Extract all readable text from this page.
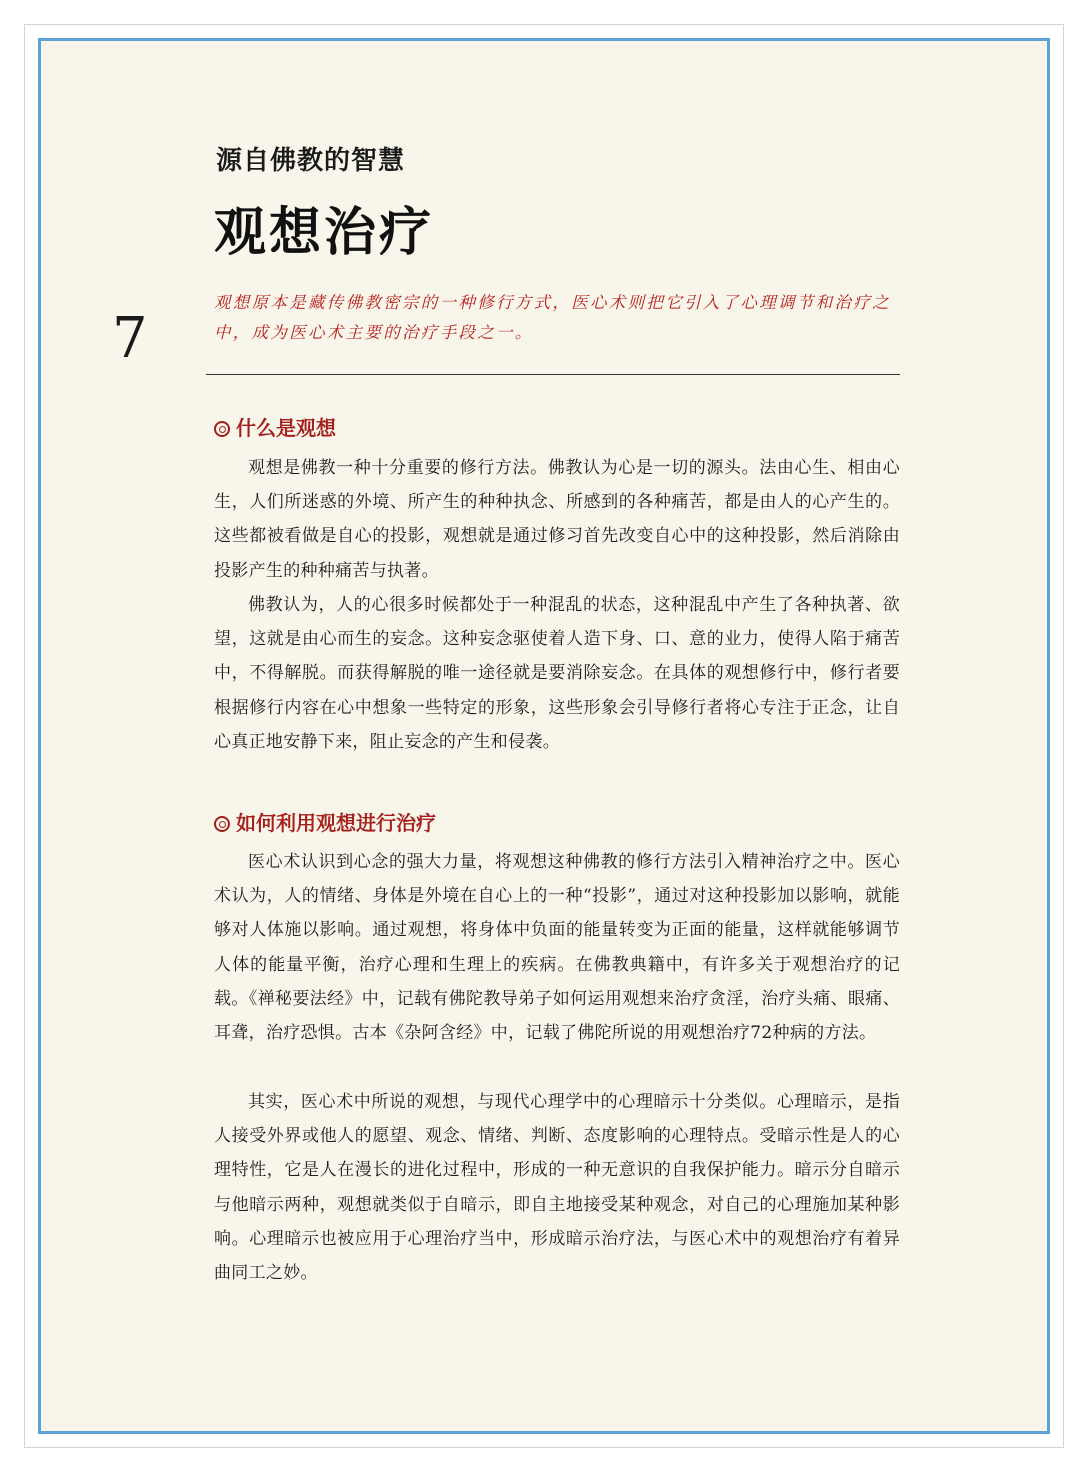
源自佛教的智慧
观想治疗
7

观想原本是藏传佛教密宗的一种修行方式，医心术则把它引入了心理调节和治疗之中，成为医心术主要的治疗手段之一。

什么是观想

观想是佛教一种十分重要的修行方法。佛教认为心是一切的源头。法由心生、相由心生，人们所迷惑的外境、所产生的种种执念、所感到的各种痛苦，都是由人的心产生的。这些都被看做是自心的投影，观想就是通过修习首先改变自心中的这种投影，然后消除由投影产生的种种痛苦与执著。

佛教认为，人的心很多时候都处于一种混乱的状态，这种混乱中产生了各种执著、欲望，这就是由心而生的妄念。这种妄念驱使着人造下身、口、意的业力，使得人陷于痛苦中，不得解脱。而获得解脱的唯一途径就是要消除妄念。在具体的观想修行中，修行者要根据修行内容在心中想象一些特定的形象，这些形象会引导修行者将心专注于正念，让自心真正地安静下来，阻止妄念的产生和侵袭。

如何利用观想进行治疗

医心术认识到心念的强大力量，将观想这种佛教的修行方法引入精神治疗之中。医心术认为，人的情绪、身体是外境在自心上的一种“投影”，通过对这种投影加以影响，就能够对人体施以影响。通过观想，将身体中负面的能量转变为正面的能量，这样就能够调节人体的能量平衡，治疗心理和生理上的疾病。在佛教典籍中，有许多关于观想治疗的记载。《禅秘要法经》中，记载有佛陀教导弟子如何运用观想来治疗贪淫，治疗头痛、眼痛、耳聋，治疗恐惧。古本《杂阿含经》中，记载了佛陀所说的用观想治疗72种病的方法。

其实，医心术中所说的观想，与现代心理学中的心理暗示十分类似。心理暗示，是指人接受外界或他人的愿望、观念、情绪、判断、态度影响的心理特点。受暗示性是人的心理特性，它是人在漫长的进化过程中，形成的一种无意识的自我保护能力。暗示分自暗示与他暗示两种，观想就类似于自暗示，即自主地接受某种观念，对自己的心理施加某种影响。心理暗示也被应用于心理治疗当中，形成暗示治疗法，与医心术中的观想治疗有着异曲同工之妙。
